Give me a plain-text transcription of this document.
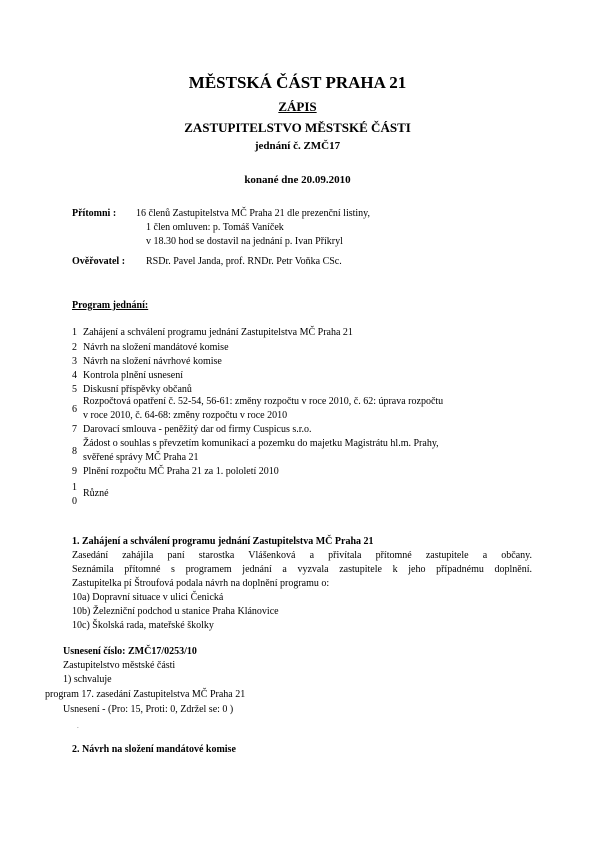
MĚSTSKÁ ČÁST PRAHA 21
ZÁPIS
ZASTUPITELSTVO MĚSTSKÉ ČÁSTI
jednání č. ZMČ17
konané dne 20.09.2010
Přítomni : 16 členů Zastupitelstva MČ Praha 21 dle prezenční listiny,
1 člen omluven: p. Tomáš Vaníček
v 18.30 hod se dostavil na jednání p. Ivan Příkryl
Ověřovatel : RSDr. Pavel Janda, prof. RNDr. Petr Voňka CSc.
Program jednání:
1 Zahájení a schválení programu jednání Zastupitelstva MČ Praha 21
2 Návrh na složení mandátové komise
3 Návrh na složení návrhové komise
4 Kontrola plnění usnesení
5 Diskusní příspěvky občanů
6
Rozpočtová opatření č. 52-54, 56-61: změny rozpočtu v roce 2010, č. 62: úprava rozpočtu
v roce 2010, č. 64-68: změny rozpočtu v roce 2010
7 Darovací smlouva - peněžitý dar od firmy Cuspicus s.r.o.
8
Žádost o souhlas s převzetím komunikací a pozemku do majetku Magistrátu hl.m. Prahy,
svěřené správy MČ Praha 21
9 Plnění rozpočtu MČ Praha 21 za 1. pololetí 2010
1
0
Různé
1. Zahájení a schválení programu jednání Zastupitelstva MČ Praha 21
Zasedání zahájila paní starostka Vlášenková a přivítala přítomné zastupitele a občany.
Seznámila přítomné s programem jednání a vyzvala zastupitele k jeho případnému doplnění.
Zastupitelka pí Štroufová podala návrh na doplnění programu o:
10a) Dopravní situace v ulici Čenická
10b) Železniční podchod u stanice Praha Klánovice
10c) Školská rada, mateřské školky
Usnesení číslo: ZMČ17/0253/10
Zastupitelstvo městské části
1) schvaluje
program 17. zasedání Zastupitelstva MČ Praha 21
Usnesení - (Pro: 15, Proti: 0, Zdržel se: 0 )
.
2. Návrh na složení mandátové komise
